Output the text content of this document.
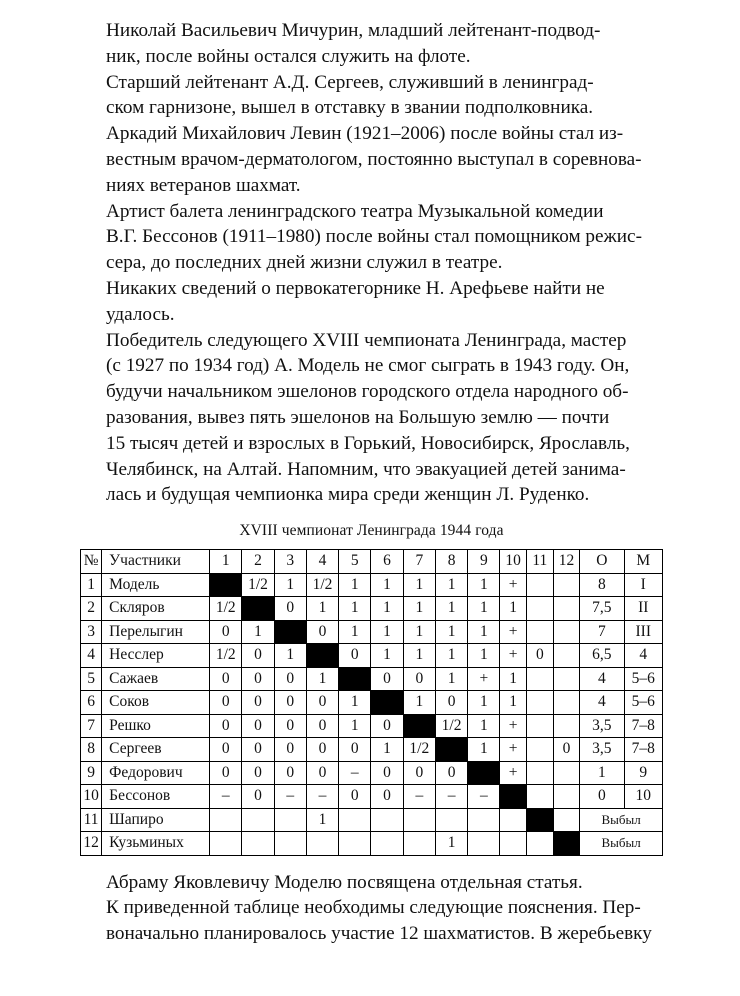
Николай Васильевич Мичурин, младший лейтенант-подвод-
ник, после войны остался служить на флоте.

Старший лейтенант А.Д. Сергеев, служивший в ленинград-
ском гарнизоне, вышел в отставку в звании подполковника.

Аркадий Михайлович Левин (1921–2006) после войны стал из-
вестным врачом-дерматологом, постоянно выступал в соревнова-
ниях ветеранов шахмат.

Артист балета ленинградского театра Музыкальной комедии
В.Г. Бессонов (1911–1980) после войны стал помощником режис-
сера, до последних дней жизни служил в театре.

Никаких сведений о первокатегорнике Н. Арефьеве найти не
удалось.

Победитель следующего XVIII чемпионата Ленинграда, мастер
(с 1927 по 1934 год) А. Модель не смог сыграть в 1943 году. Он,
будучи начальником эшелонов городского отдела народного об-
разования, вывез пять эшелонов на Большую землю — почти
15 тысяч детей и взрослых в Горький, Новосибирск, Ярославль,
Челябинск, на Алтай. Напомним, что эвакуацией детей занима-
лась и будущая чемпионка мира среди женщин Л. Руденко.

XVIII чемпионат Ленинграда 1944 года
№	Участники	1	2	3	4	5	6	7	8	9	10	11	12	О	М
1	Модель		1/2	1	1/2	1	1	1	1	1	+			8	I
2	Скляров	1/2		0	1	1	1	1	1	1	1			7,5	II
3	Перелыгин	0	1		0	1	1	1	1	1	+			7	III
4	Несслер	1/2	0	1		0	1	1	1	1	+	0		6,5	4
5	Сажаев	0	0	0	1		0	0	1	+	1			4	5–6
6	Соков	0	0	0	0	1		1	0	1	1			4	5–6
7	Решко	0	0	0	0	1	0		1/2	1	+			3,5	7–8
8	Сергеев	0	0	0	0	0	1	1/2		1	+		0	3,5	7–8
9	Федорович	0	0	0	0	–	0	0	0		+			1	9
10	Бессонов	–	0	–	–	0	0	–	–	–				0	10
11	Шапиро				1									Выбыл	
12	Кузьминых								1					Выбыл	

Абраму Яковлевичу Моделю посвящена отдельная статья.

К приведенной таблице необходимы следующие пояснения. Пер-
воначально планировалось участие 12 шахматистов. В жеребьевку
